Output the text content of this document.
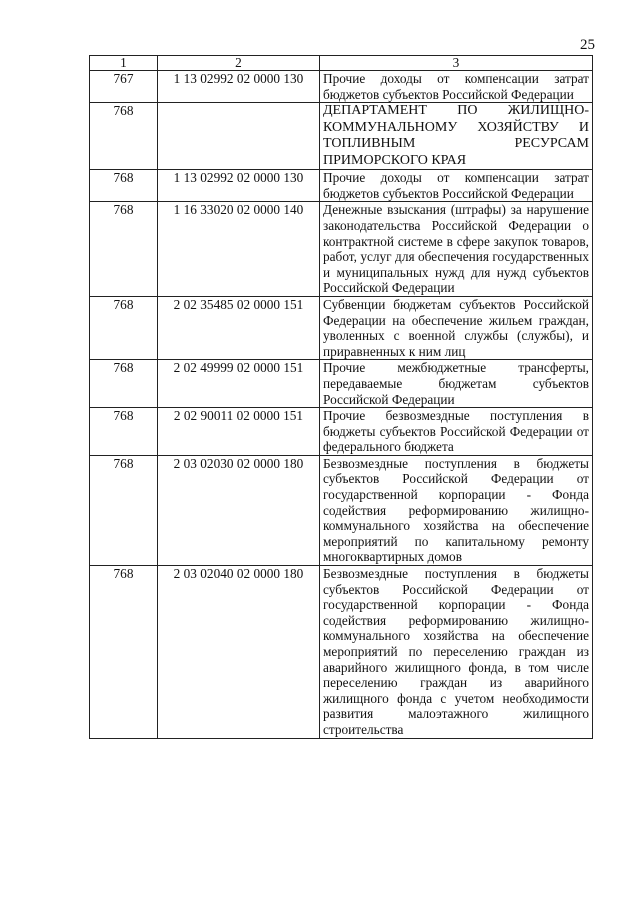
25
1	2	3
767	1 13 02992 02 0000 130	Прочие доходы от компенсации затрат бюджетов субъектов Российской Федерации
768		ДЕПАРТАМЕНТ ПО ЖИЛИЩНО-КОММУНАЛЬНОМУ ХОЗЯЙСТВУ И ТОПЛИВНЫМ РЕСУРСАМ ПРИМОРСКОГО КРАЯ
768	1 13 02992 02 0000 130	Прочие доходы от компенсации затрат бюджетов субъектов Российской Федерации
768	1 16 33020 02 0000 140	Денежные взыскания (штрафы) за нарушение законодательства Российской Федерации о контрактной системе в сфере закупок товаров, работ, услуг для обеспечения государственных и муниципальных нужд для нужд субъектов Российской Федерации
768	2 02 35485 02 0000 151	Субвенции бюджетам субъектов Российской Федерации на обеспечение жильем граждан, уволенных с военной службы (службы), и приравненных к ним лиц
768	2 02 49999 02 0000 151	Прочие межбюджетные трансферты, передаваемые бюджетам субъектов Российской Федерации
768	2 02 90011 02 0000 151	Прочие безвозмездные поступления в бюджеты субъектов Российской Федерации от федерального бюджета
768	2 03 02030 02 0000 180	Безвозмездные поступления в бюджеты субъектов Российской Федерации от государственной корпорации - Фонда содействия реформированию жилищно-коммунального хозяйства на обеспечение мероприятий по капитальному ремонту многоквартирных домов
768	2 03 02040 02 0000 180	Безвозмездные поступления в бюджеты субъектов Российской Федерации от государственной корпорации - Фонда содействия реформированию жилищно-коммунального хозяйства на обеспечение мероприятий по переселению граждан из аварийного жилищного фонда, в том числе переселению граждан из аварийного жилищного фонда с учетом необходимости развития малоэтажного жилищного строительства
